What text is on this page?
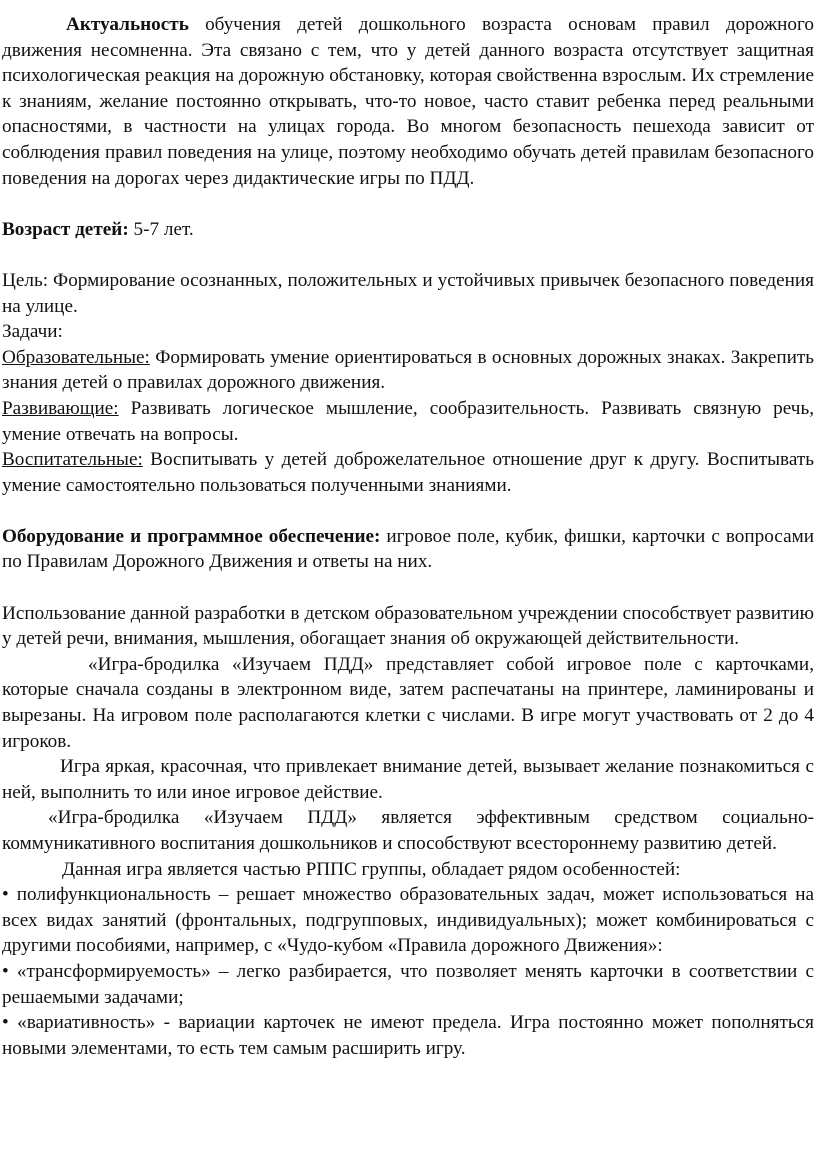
Актуальность обучения детей дошкольного возраста основам правил дорожного движения несомненна. Эта связано с тем, что у детей данного возраста отсутствует защитная психологическая реакция на дорожную обстановку, которая свойственна взрослым. Их стремление к знаниям, желание постоянно открывать, что-то новое, часто ставит ребенка перед реальными опасностями, в частности на улицах города. Во многом безопасность пешехода зависит от соблюдения правил поведения на улице, поэтому необходимо обучать детей правилам безопасного поведения на дорогах через дидактические игры по ПДД.

Возраст детей: 5-7 лет.

Цель: Формирование осознанных, положительных и устойчивых привычек безопасного поведения на улице.

Задачи:

Образовательные: Формировать умение ориентироваться в основных дорожных знаках. Закрепить знания детей о правилах дорожного движения.

Развивающие: Развивать логическое мышление, сообразительность. Развивать связную речь, умение отвечать на вопросы.

Воспитательные: Воспитывать у детей доброжелательное отношение друг к другу. Воспитывать умение самостоятельно пользоваться полученными знаниями.

Оборудование и программное обеспечение: игровое поле, кубик, фишки, карточки с вопросами по Правилам Дорожного Движения и ответы на них.

Использование данной разработки в детском образовательном учреждении способствует развитию у детей речи, внимания, мышления, обогащает знания об окружающей действительности.

«Игра-бродилка «Изучаем ПДД» представляет собой игровое поле с карточками, которые сначала созданы в электронном виде, затем распечатаны на принтере, ламинированы и вырезаны. На игровом поле располагаются клетки с числами. В игре могут участвовать от 2 до 4 игроков.

Игра яркая, красочная, что привлекает внимание детей, вызывает желание познакомиться с ней, выполнить то или иное игровое действие.

«Игра-бродилка «Изучаем ПДД» является эффективным средством социально-коммуникативного воспитания дошкольников и способствуют всестороннему развитию детей.

Данная игра является частью РППС группы, обладает рядом особенностей:

• полифункциональность – решает множество образовательных задач, может использоваться на всех видах занятий (фронтальных, подгрупповых, индивидуальных); может комбинироваться с другими пособиями, например, с «Чудо-кубом «Правила дорожного Движения»:

• «трансформируемость» – легко разбирается, что позволяет менять карточки в соответствии с решаемыми задачами;

• «вариативность» - вариации карточек не имеют предела. Игра постоянно может пополняться новыми элементами, то есть тем самым расширить игру.
